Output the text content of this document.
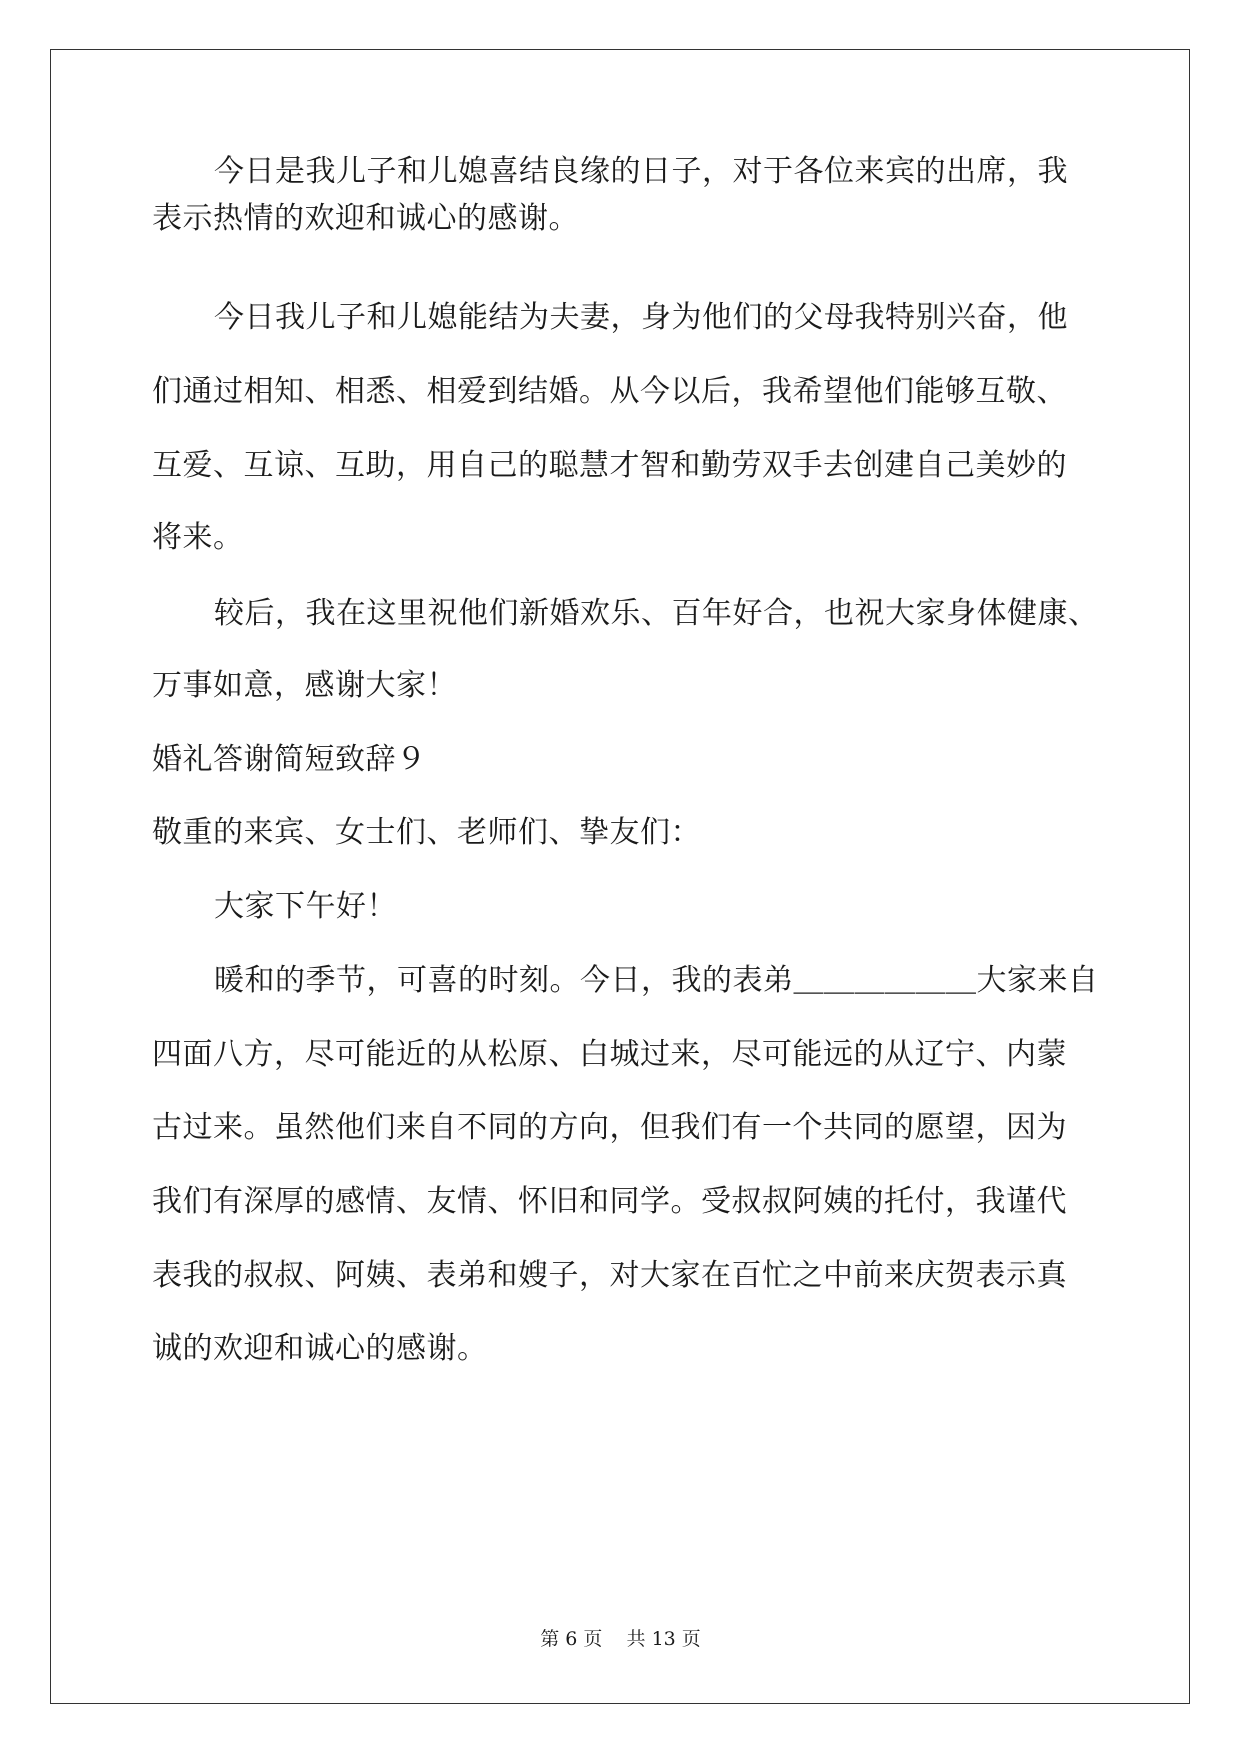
今日是我儿子和儿媳喜结良缘的日子，对于各位来宾的出席，我
表示热情的欢迎和诚心的感谢。
今日我儿子和儿媳能结为夫妻，身为他们的父母我特别兴奋，他
们通过相知、相悉、相爱到结婚。从今以后，我希望他们能够互敬、
互爱、互谅、互助，用自己的聪慧才智和勤劳双手去创建自己美妙的
将来。
较后，我在这里祝他们新婚欢乐、百年好合，也祝大家身体健康、
万事如意，感谢大家！
婚礼答谢简短致辞９
敬重的来宾、女士们、老师们、挚友们：
大家下午好！
暖和的季节，可喜的时刻。今日，我的表弟＿＿＿＿＿＿大家来自
四面八方，尽可能近的从松原、白城过来，尽可能远的从辽宁、内蒙
古过来。虽然他们来自不同的方向，但我们有一个共同的愿望，因为
我们有深厚的感情、友情、怀旧和同学。受叔叔阿姨的托付，我谨代
表我的叔叔、阿姨、表弟和嫂子，对大家在百忙之中前来庆贺表示真
诚的欢迎和诚心的感谢。
第 6 页    共 13 页
